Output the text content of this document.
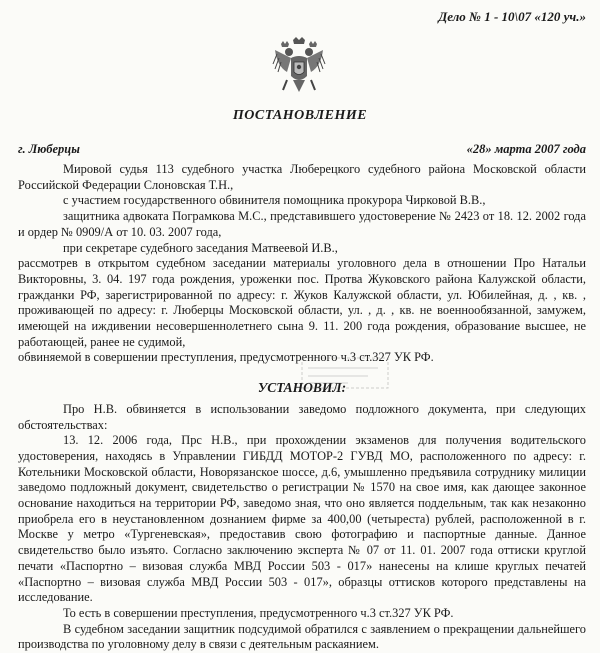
Дело № 1 - 10\07 «120 уч.»
ПОСТАНОВЛЕНИЕ
г. Люберцы	«28» марта 2007 года

Мировой судья 113 судебного участка Люберецкого судебного района Московской области Российской Федерации Слоновская Т.Н.,

с участием государственного обвинителя помощника прокурора Чирковой В.В.,

защитника адвоката Пограмкова М.С., представившего удостоверение № 2423 от 18. 12. 2002 года и ордер № 0909/А от 10. 03. 2007 года,

при секретаре судебного заседания Матвеевой И.В.,

рассмотрев в открытом судебном заседании материалы уголовного дела в отношении Про Натальи Викторовны, 3. 04. 197 года рождения, уроженки пос. Протва Жуковского района Калужской области, гражданки РФ, зарегистрированной по адресу: г. Жуков Калужской области, ул. Юбилейная, д. , кв. , проживающей по адресу: г. Люберцы Московской области, ул. , д. , кв. не военнообязанной, замужем, имеющей на иждивении несовершеннолетнего сына 9. 11. 200 года рождения, образование высшее, не работающей, ранее не судимой,

обвиняемой в совершении преступления, предусмотренного ч.3 ст.327 УК РФ.

УСТАНОВИЛ:

Про Н.В. обвиняется в использовании заведомо подложного документа, при следующих обстоятельствах:

13. 12. 2006 года, Прс Н.В., при прохождении экзаменов для получения водительского удостоверения, находясь в Управлении ГИБДД МОТОР-2 ГУВД МО, расположенного по адресу: г. Котельники Московской области, Новорязанское шоссе, д.6, умышленно предъявила сотруднику милиции заведомо подложный документ, свидетельство о регистрации № 1570 на свое имя, как дающее законное основание находиться на территории РФ, заведомо зная, что оно является поддельным, так как незаконно приобрела его в неустановленном дознанием фирме за 400,00 (четыреста) рублей, расположенной в г. Москве у метро «Тургеневская», предоставив свою фотографию и паспортные данные. Данное свидетельство было изъято. Согласно заключению эксперта № 07 от 11. 01. 2007 года оттиски круглой печати «Паспортно – визовая служба МВД России 503 - 017» нанесены на клише круглых печатей «Паспортно – визовая служба МВД России 503 - 017», образцы оттисков которого представлены на исследование.

То есть в совершении преступления, предусмотренного ч.3 ст.327 УК РФ.

В судебном заседании защитник подсудимой обратился с заявлением о прекращении дальнейшего производства по уголовному делу в связи с деятельным раскаянием.
